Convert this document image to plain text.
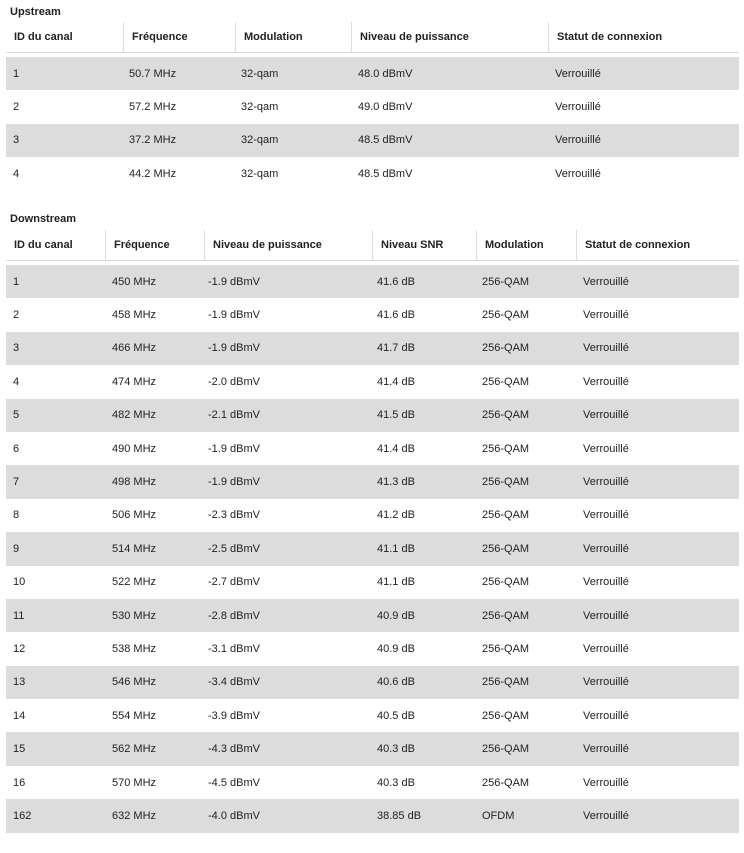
Upstream
ID du canal	Fréquence	Modulation	Niveau de puissance	Statut de connexion
1	50.7 MHz	32-qam	48.0 dBmV	Verrouillé
2	57.2 MHz	32-qam	49.0 dBmV	Verrouillé
3	37.2 MHz	32-qam	48.5 dBmV	Verrouillé
4	44.2 MHz	32-qam	48.5 dBmV	Verrouillé
Downstream
ID du canal	Fréquence	Niveau de puissance	Niveau SNR	Modulation	Statut de connexion
1	450 MHz	-1.9 dBmV	41.6 dB	256-QAM	Verrouillé
2	458 MHz	-1.9 dBmV	41.6 dB	256-QAM	Verrouillé
3	466 MHz	-1.9 dBmV	41.7 dB	256-QAM	Verrouillé
4	474 MHz	-2.0 dBmV	41.4 dB	256-QAM	Verrouillé
5	482 MHz	-2.1 dBmV	41.5 dB	256-QAM	Verrouillé
6	490 MHz	-1.9 dBmV	41.4 dB	256-QAM	Verrouillé
7	498 MHz	-1.9 dBmV	41.3 dB	256-QAM	Verrouillé
8	506 MHz	-2.3 dBmV	41.2 dB	256-QAM	Verrouillé
9	514 MHz	-2.5 dBmV	41.1 dB	256-QAM	Verrouillé
10	522 MHz	-2.7 dBmV	41.1 dB	256-QAM	Verrouillé
11	530 MHz	-2.8 dBmV	40.9 dB	256-QAM	Verrouillé
12	538 MHz	-3.1 dBmV	40.9 dB	256-QAM	Verrouillé
13	546 MHz	-3.4 dBmV	40.6 dB	256-QAM	Verrouillé
14	554 MHz	-3.9 dBmV	40.5 dB	256-QAM	Verrouillé
15	562 MHz	-4.3 dBmV	40.3 dB	256-QAM	Verrouillé
16	570 MHz	-4.5 dBmV	40.3 dB	256-QAM	Verrouillé
162	632 MHz	-4.0 dBmV	38.85 dB	OFDM	Verrouillé
